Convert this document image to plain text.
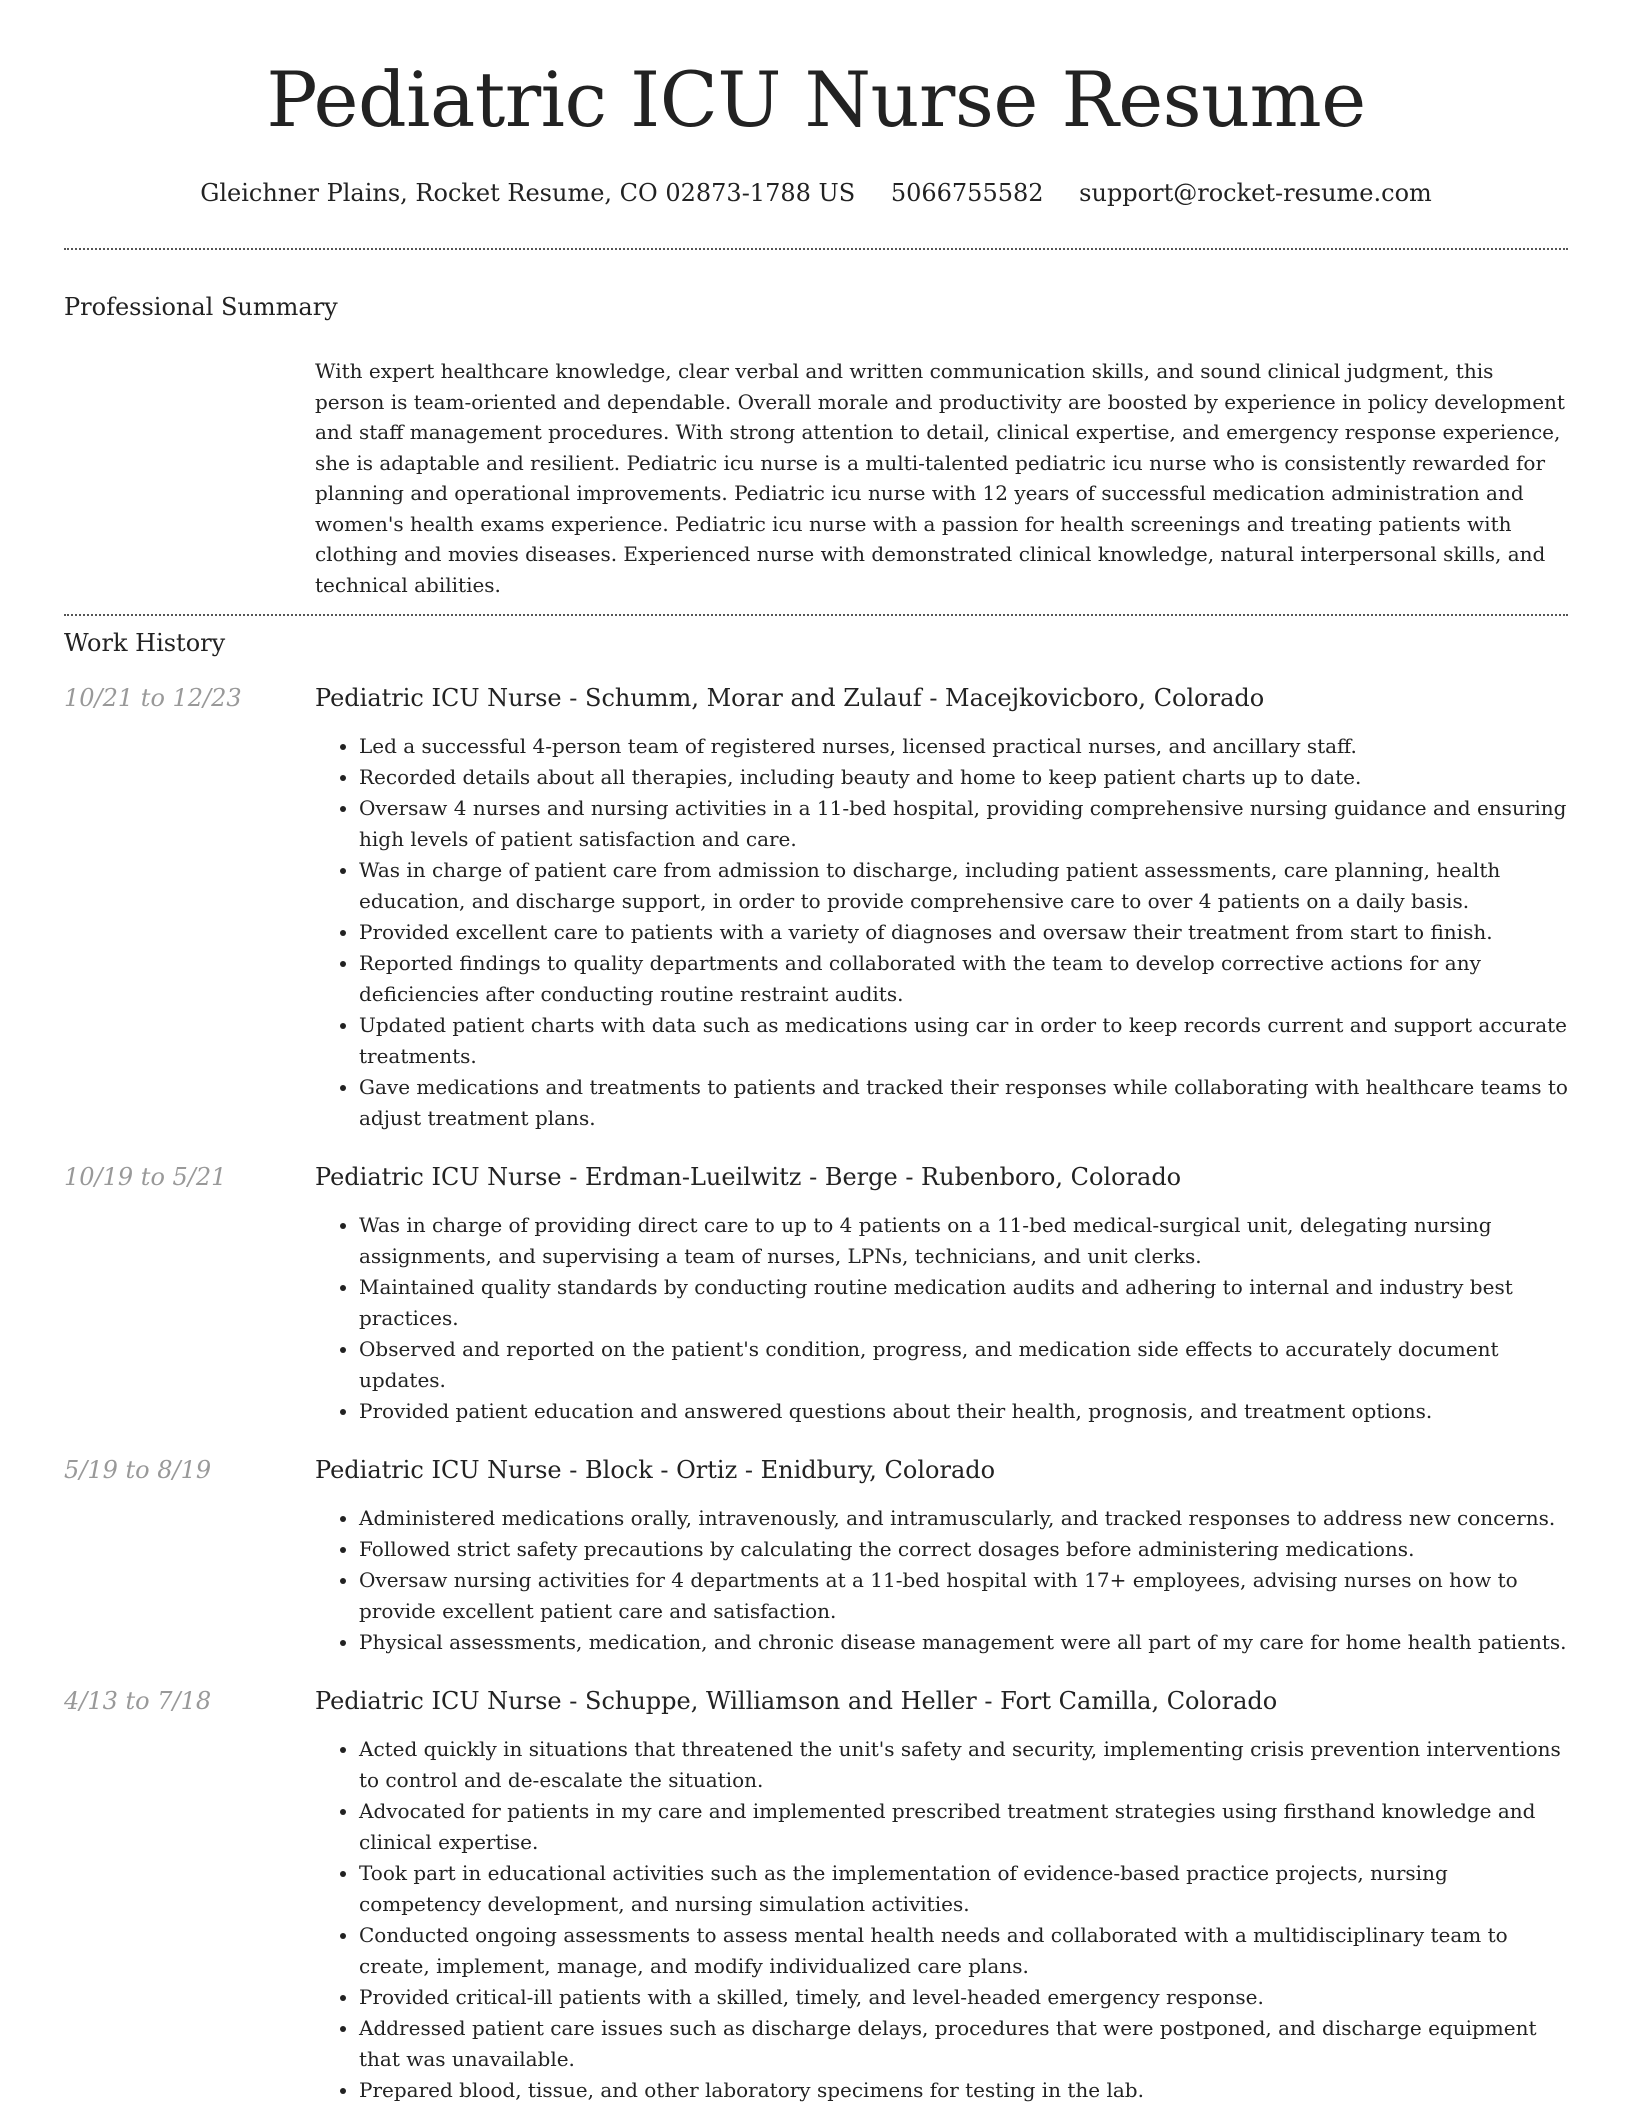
Pediatric ICU Nurse Resume
Gleichner Plains, Rocket Resume, CO 02873-1788 US 5066755582 support@rocket-resume.com
Professional Summary

With expert healthcare knowledge, clear verbal and written communication skills, and sound clinical judgment, this person is team-oriented and dependable. Overall morale and productivity are boosted by experience in policy development and staff management procedures. With strong attention to detail, clinical expertise, and emergency response experience, she is adaptable and resilient. Pediatric icu nurse is a multi-talented pediatric icu nurse who is consistently rewarded for planning and operational improvements. Pediatric icu nurse with 12 years of successful medication administration and women's health exams experience. Pediatric icu nurse with a passion for health screenings and treating patients with clothing and movies diseases. Experienced nurse with demonstrated clinical knowledge, natural interpersonal skills, and technical abilities.

Work History
10/21 to 12/23	Pediatric ICU Nurse - Schumm, Morar and Zulauf - Macejkovicboro, Colorado
• Led a successful 4-person team of registered nurses, licensed practical nurses, and ancillary staff.
• Recorded details about all therapies, including beauty and home to keep patient charts up to date.
• Oversaw 4 nurses and nursing activities in a 11-bed hospital, providing comprehensive nursing guidance and ensuring high levels of patient satisfaction and care.
• Was in charge of patient care from admission to discharge, including patient assessments, care planning, health education, and discharge support, in order to provide comprehensive care to over 4 patients on a daily basis.
• Provided excellent care to patients with a variety of diagnoses and oversaw their treatment from start to finish.
• Reported findings to quality departments and collaborated with the team to develop corrective actions for any deficiencies after conducting routine restraint audits.
• Updated patient charts with data such as medications using car in order to keep records current and support accurate treatments.
• Gave medications and treatments to patients and tracked their responses while collaborating with healthcare teams to adjust treatment plans.
10/19 to 5/21	Pediatric ICU Nurse - Erdman-Lueilwitz - Berge - Rubenboro, Colorado
• Was in charge of providing direct care to up to 4 patients on a 11-bed medical-surgical unit, delegating nursing assignments, and supervising a team of nurses, LPNs, technicians, and unit clerks.
• Maintained quality standards by conducting routine medication audits and adhering to internal and industry best practices.
• Observed and reported on the patient's condition, progress, and medication side effects to accurately document updates.
• Provided patient education and answered questions about their health, prognosis, and treatment options.
5/19 to 8/19	Pediatric ICU Nurse - Block - Ortiz - Enidbury, Colorado
• Administered medications orally, intravenously, and intramuscularly, and tracked responses to address new concerns.
• Followed strict safety precautions by calculating the correct dosages before administering medications.
• Oversaw nursing activities for 4 departments at a 11-bed hospital with 17+ employees, advising nurses on how to provide excellent patient care and satisfaction.
• Physical assessments, medication, and chronic disease management were all part of my care for home health patients.
4/13 to 7/18	Pediatric ICU Nurse - Schuppe, Williamson and Heller - Fort Camilla, Colorado
• Acted quickly in situations that threatened the unit's safety and security, implementing crisis prevention interventions to control and de-escalate the situation.
• Advocated for patients in my care and implemented prescribed treatment strategies using firsthand knowledge and clinical expertise.
• Took part in educational activities such as the implementation of evidence-based practice projects, nursing competency development, and nursing simulation activities.
• Conducted ongoing assessments to assess mental health needs and collaborated with a multidisciplinary team to create, implement, manage, and modify individualized care plans.
• Provided critical-ill patients with a skilled, timely, and level-headed emergency response.
• Addressed patient care issues such as discharge delays, procedures that were postponed, and discharge equipment that was unavailable.
• Prepared blood, tissue, and other laboratory specimens for testing in the lab.
